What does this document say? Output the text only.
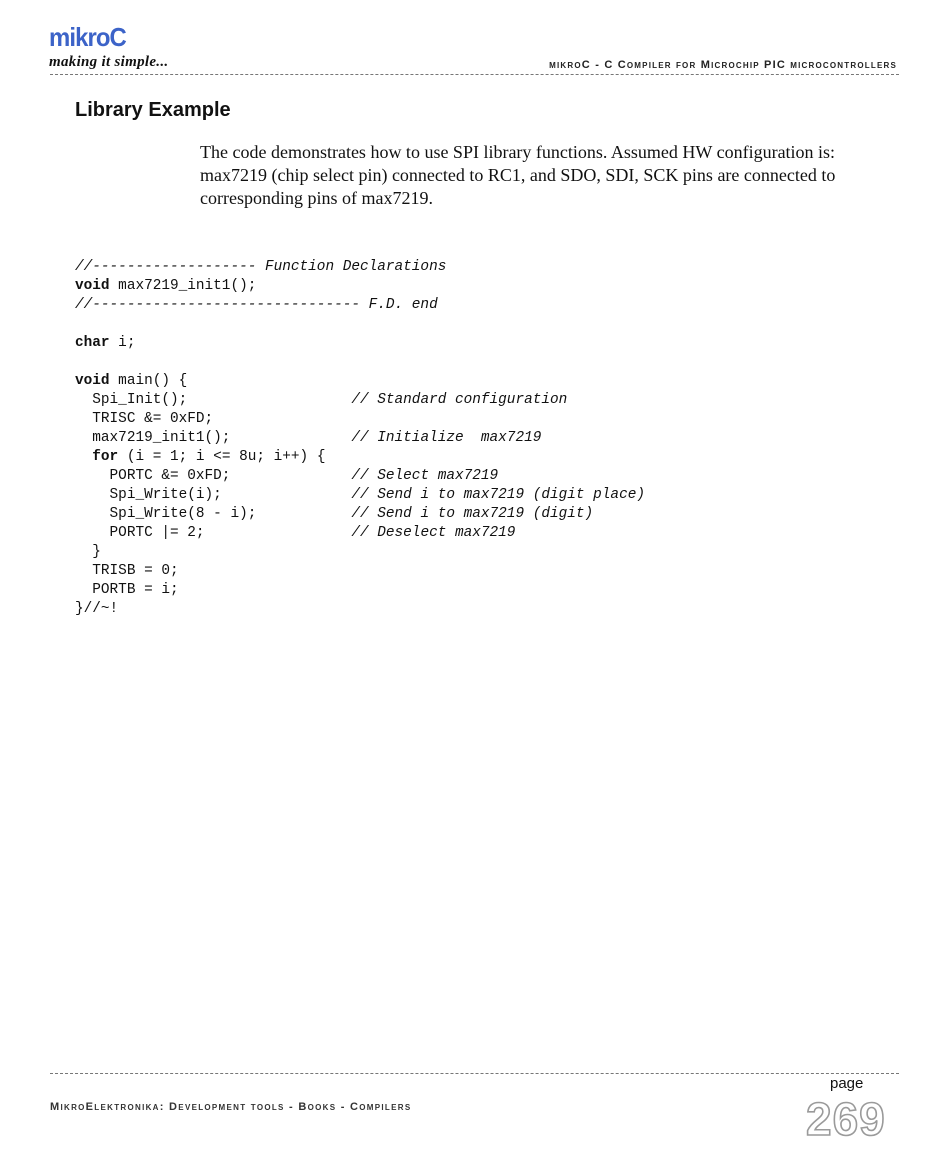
mikroC
making it simple...	mikroC - C Compiler for Microchip PIC microcontrollers
Library Example

The code demonstrates how to use SPI library functions. Assumed HW configuration is: max7219 (chip select pin) connected to RC1, and SDO, SDI, SCK pins are connected to corresponding pins of max7219.

//------------------- Function Declarations
void max7219_init1();
//------------------------------- F.D. end
char i;
void main() {
Spi_Init();                   // Standard configuration
TRISC &= 0xFD;
max7219_init1();              // Initialize  max7219
for (i = 1; i <= 8u; i++) {
PORTC &= 0xFD;              // Select max7219
Spi_Write(i);               // Send i to max7219 (digit place)
Spi_Write(8 - i);           // Send i to max7219 (digit)
PORTC |= 2;                 // Deselect max7219
}
TRISB = 0;
PORTB = i;
}//~!
page
269
MikroElektronika: Development tools - Books - Compilers
